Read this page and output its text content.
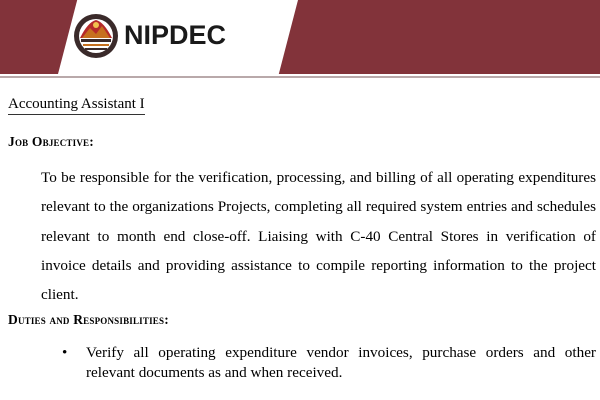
NIPDEC
Accounting Assistant I
Job Objective:
To be responsible for the verification, processing, and billing of all operating expenditures relevant to the organizations Projects, completing all required system entries and schedules relevant to month end close-off. Liaising with C-40 Central Stores in verification of invoice details and providing assistance to compile reporting information to the project client.
Duties and Responsibilities:
• Verify all operating expenditure vendor invoices, purchase orders and other relevant documents as and when received.
